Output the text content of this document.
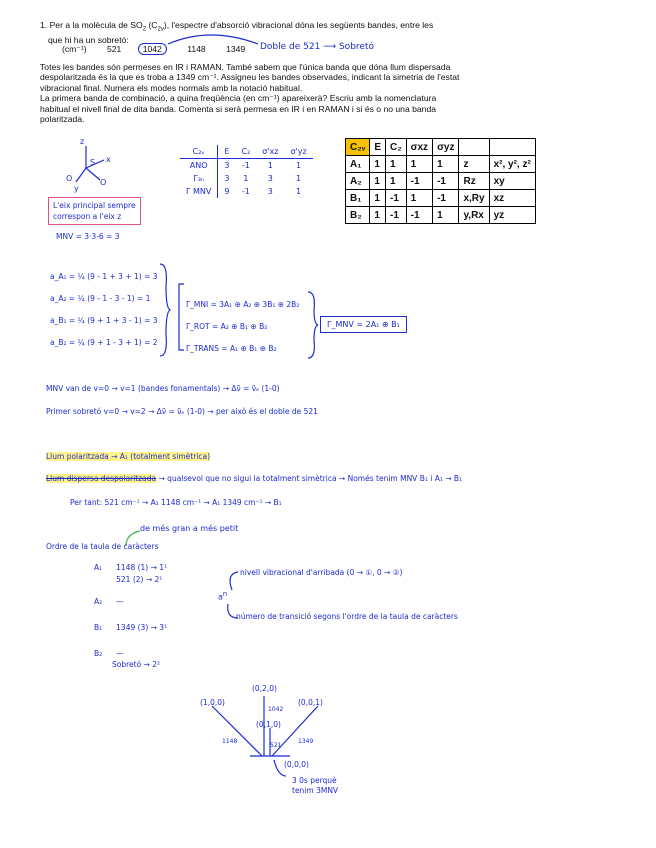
1. Per a la molècula de $SO_2$ $(C_{2v})$, l'espectre d'absorció vibracional dóna les següents bandes, entre les

que hi ha un sobretó:

(cm⁻¹) 521 1042	1148 1349	Doble de 521 ⟶ Sobretó

Totes les bandes són permeses en IR i RAMAN. També sabem que l'única banda que dóna llum dispersada despolaritzada és la que es troba a 1349 cm⁻¹. Assigneu les bandes observades, indicant la simetria de l'estat vibracional final. Numera els modes normals amb la notació habitual.

La primera banda de combinació, a quina freqüència (en cm⁻¹) apareixerà? Escriu amb la nomenclatura habitual el nivell final de dita banda. Comenta si serà permesa en IR i en RAMAN i si és o no una banda polaritzada.

z
S x
O	O
y
L'eix principal sempre
correspon a l'eix z
MNV = 3·3-6 = 3
C₂ᵥ	E	C₂	σ'xz	σ'yz
ANO	3	-1	1	1
Γ₃ₙ	3	1	3	1
Γ MNV	9	-1	3	1
C₂ᵥ	E	C₂	σxz	σyz		
A₁	1	1	1	1	z	x², y², z²
A₂	1	1	-1	-1	Rz	xy
B₁	1	-1	1	-1	x,Ry	xz
B₂	1	-1	-1	1	y,Rx	yz
a_A₁ = ¼ (9 - 1 + 3 + 1) = 3
a_A₂ = ¼ (9 - 1 - 3 - 1) = 1
a_B₁ = ¼ (9 + 1 + 3 - 1) = 3
a_B₂ = ¼ (9 + 1 - 3 + 1) = 2
Γ_MNI = 3A₁ ⊕ A₂ ⊕ 3B₁ ⊕ 2B₂
Γ_ROT = A₂ ⊕ B₁ ⊕ B₂
Γ_TRANS = A₁ ⊕ B₁ ⊕ B₂
Γ_MNV = 2A₁ ⊕ B₁
MNV van de v=0 → v=1 (bandes fonamentals) → Δν̃ = ν̃ₑ (1-0)
Primer sobretó v=0 → v=2 → Δν̃ = ν̃ₑ (1-0) → per això és el doble de 521
Llum polaritzada → A₁ (totalment simètrica)
Llum dispersa despolaritzada → qualsevol que no sigui la totalment simètrica → Només tenim MNV B₁ i A₁ → B₁
Per tant: 521 cm⁻¹ → A₁ 1148 cm⁻¹ → A₁ 1349 cm⁻¹ → B₁
de més gran a més petit
Ordre de la taula de caràcters
A₁ 1148 (1) → 1¹
521 (2) → 2¹
A₂ —
B₁ 1349 (3) → 3¹
B₂ —
Sobretó → 2²
$a^n$
nivell vibracional d'arribada (0 → ①, 0 → ②)
número de transició segons l'ordre de la taula de caràcters
(0,2,0)
(1,0,0)	(0,0,1)
(0,1,0)
(0,0,0)
1042
1148
521
1349
3 0s perquè
tenim 3MNV
